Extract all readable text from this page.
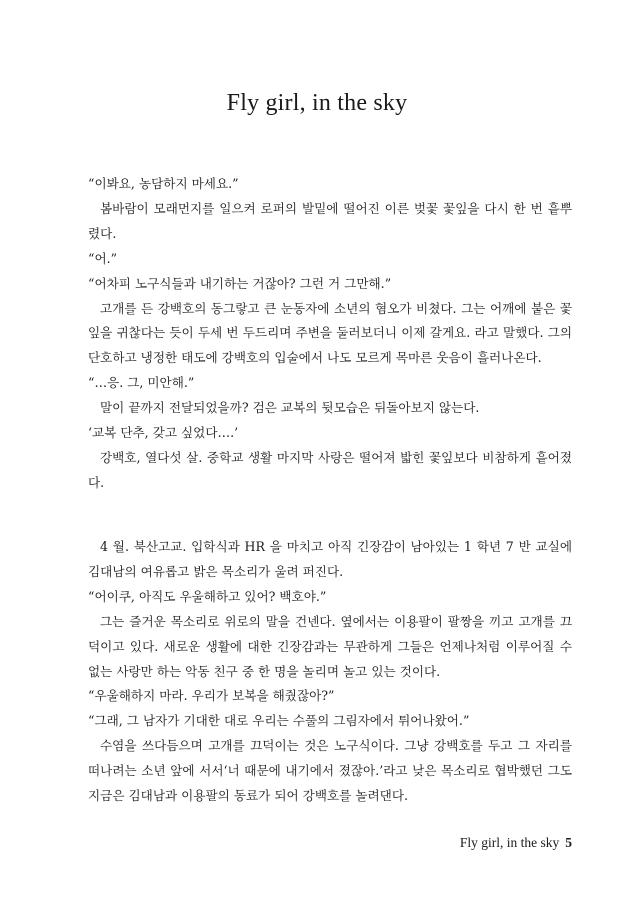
Fly girl, in the sky

“이봐요, 농담하지 마세요.”

봄바람이 모래먼지를 일으켜 로퍼의 발밑에 떨어진 이른 벚꽃 꽃잎을 다시 한 번 흩뿌렸다.

“어.”

“어차피 노구식들과 내기하는 거잖아? 그런 거 그만해.”

고개를 든 강백호의 동그랗고 큰 눈동자에 소년의 혐오가 비쳤다. 그는 어깨에 붙은 꽃잎을 귀찮다는 듯이 두세 번 두드리며 주변을 둘러보더니 이제 갈게요. 라고 말했다. 그의 단호하고 냉정한 태도에 강백호의 입술에서 나도 모르게 목마른 웃음이 흘러나온다.

“…응. 그, 미안해.”

말이 끝까지 전달되었을까? 검은 교복의 뒷모습은 뒤돌아보지 않는다.

‘교복 단추, 갖고 싶었다….’

강백호, 열다섯 살. 중학교 생활 마지막 사랑은 떨어져 밟힌 꽃잎보다 비참하게 흩어졌다.

4 월. 북산고교. 입학식과 HR 을 마치고 아직 긴장감이 남아있는 1 학년 7 반 교실에 김대남의 여유롭고 밝은 목소리가 울려 퍼진다.

“어이쿠, 아직도 우울해하고 있어? 백호야.”

그는 즐거운 목소리로 위로의 말을 건넨다. 옆에서는 이용팔이 팔짱을 끼고 고개를 끄덕이고 있다. 새로운 생활에 대한 긴장감과는 무관하게 그들은 언제나처럼 이루어질 수 없는 사랑만 하는 악동 친구 중 한 명을 놀리며 놀고 있는 것이다.

“우울해하지 마라. 우리가 보복을 해줬잖아?”

“그래, 그 남자가 기대한 대로 우리는 수풀의 그림자에서 튀어나왔어.”

수염을 쓰다듬으며 고개를 끄덕이는 것은 노구식이다. 그냥 강백호를 두고 그 자리를 떠나려는 소년 앞에 서서‘너 때문에 내기에서 졌잖아.’라고 낮은 목소리로 협박했던 그도 지금은 김대남과 이용팔의 동료가 되어 강백호를 놀려댄다.

Fly girl, in the sky 5
